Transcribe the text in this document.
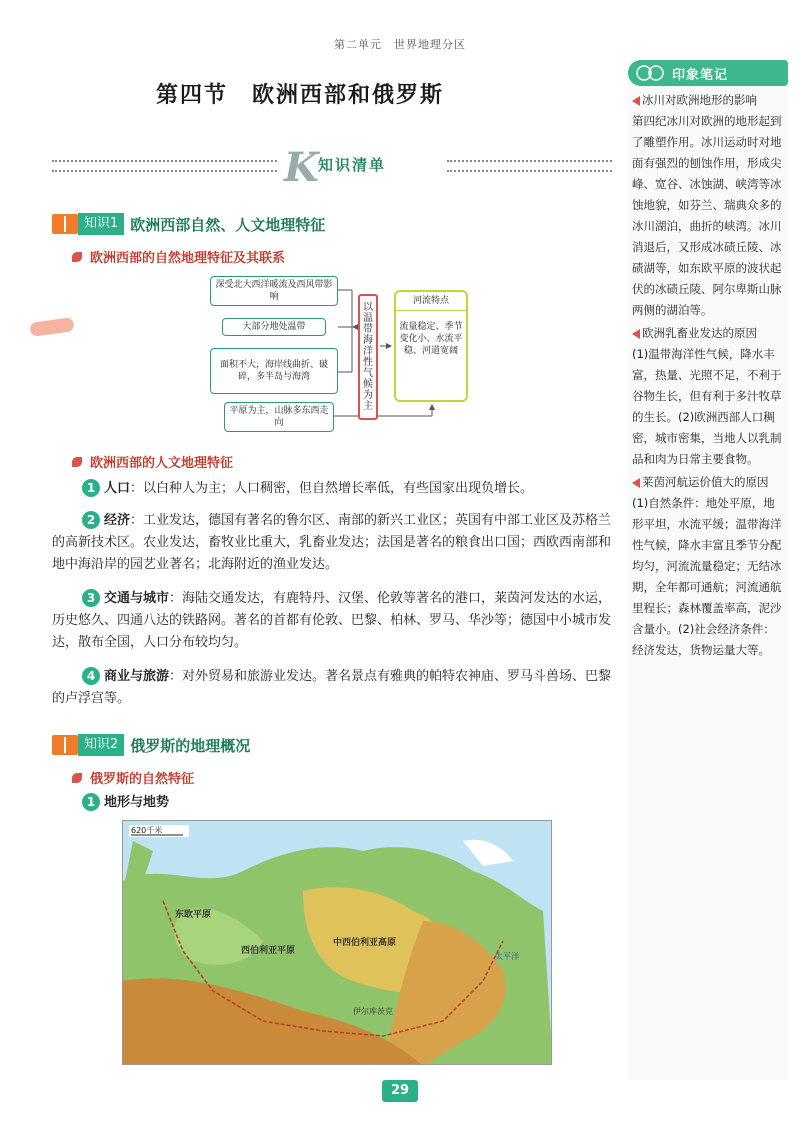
第二单元　世界地理分区
第四节　欧洲西部和俄罗斯
K 知识清单
知识1 欧洲西部自然、人文地理特征
欧洲西部的自然地理特征及其联系
深受北大西洋暖流及西风带影响
大部分地处温带
面积不大，海岸线曲折、破碎，多半岛与海湾
平原为主，山脉多东西走向
以温带海洋性气候为主
河流特点
流量稳定、季节变化小、水流平稳、河道宽阔
欧洲西部的人文地理特征
1 人口：以白种人为主；人口稠密，但自然增长率低，有些国家出现负增长。
2 经济：工业发达，德国有著名的鲁尔区、南部的新兴工业区；英国有中部工业区及苏格兰的高新技术区。农业发达，畜牧业比重大，乳畜业发达；法国是著名的粮食出口国；西欧西南部和地中海沿岸的园艺业著名；北海附近的渔业发达。
3 交通与城市：海陆交通发达，有鹿特丹、汉堡、伦敦等著名的港口，莱茵河发达的水运，历史悠久、四通八达的铁路网。著名的首都有伦敦、巴黎、柏林、罗马、华沙等；德国中小城市发达，散布全国，人口分布较均匀。
4 商业与旅游：对外贸易和旅游业发达。著名景点有雅典的帕特农神庙、罗马斗兽场、巴黎的卢浮宫等。
知识2 俄罗斯的地理概况
俄罗斯的自然特征
1 地形与地势
620千米
东欧平原
西伯利亚平原
中西伯利亚高原
伊尔库茨克
太平洋
印象笔记
冰川对欧洲地形的影响
第四纪冰川对欧洲的地形起到了雕塑作用。冰川运动时对地面有强烈的刨蚀作用，形成尖峰、宽谷、冰蚀湖、峡湾等冰蚀地貌，如芬兰、瑞典众多的冰川湖泊，曲折的峡湾。冰川消退后，又形成冰碛丘陵、冰碛湖等，如东欧平原的波状起伏的冰碛丘陵、阿尔卑斯山脉两侧的湖泊等。
欧洲乳畜业发达的原因
(1)温带海洋性气候，降水丰富，热量、光照不足，不利于谷物生长，但有利于多汁牧草的生长。(2)欧洲西部人口稠密，城市密集，当地人以乳制品和肉为日常主要食物。
莱茵河航运价值大的原因
(1)自然条件：地处平原，地形平坦，水流平缓；温带海洋性气候，降水丰富且季节分配均匀，河流流量稳定；无结冰期，全年都可通航；河流通航里程长；森林覆盖率高，泥沙含量小。(2)社会经济条件：经济发达，货物运量大等。
29
